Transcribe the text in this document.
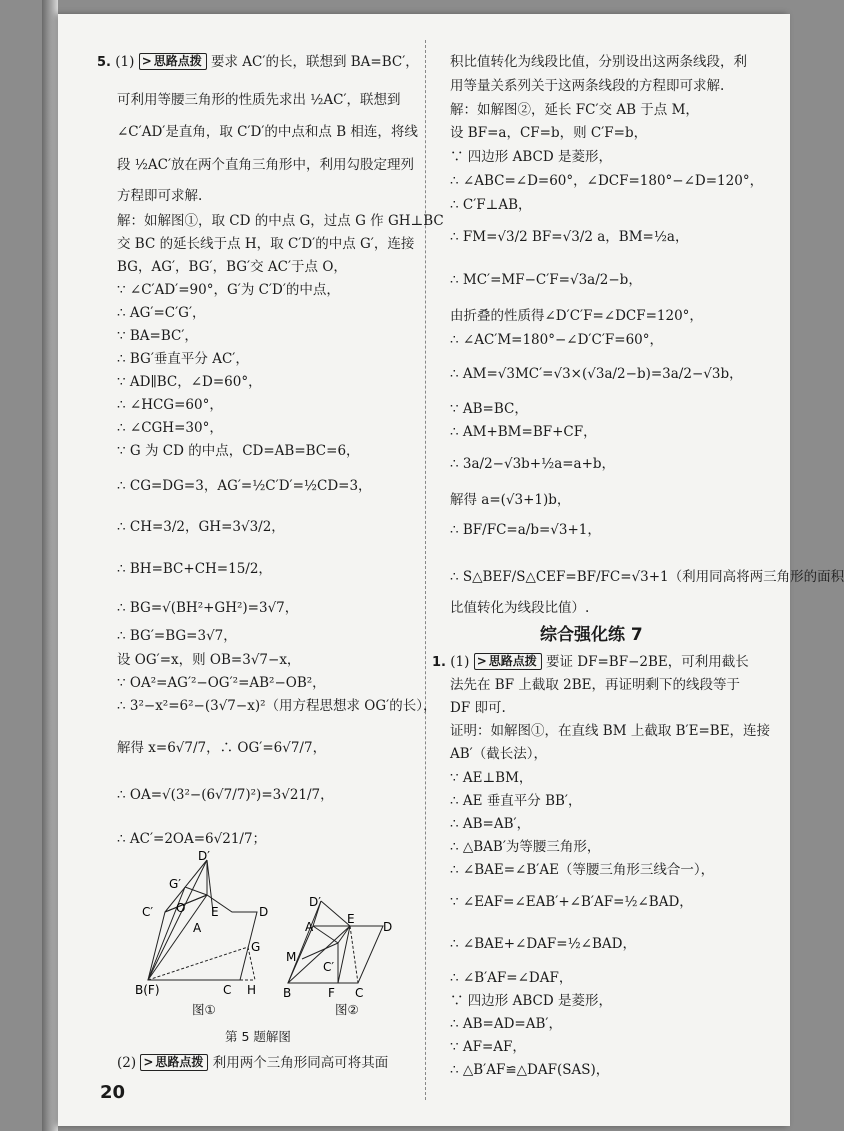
5. (1) > 思路点拨 要求 AC′的长，联想到 BA=BC′，
可利用等腰三角形的性质先求出 ½AC′，联想到
∠C′AD′是直角，取 C′D′的中点和点 B 相连，将线
段 ½AC′放在两个直角三角形中，利用勾股定理列
方程即可求解.
解：如解图①，取 CD 的中点 G，过点 G 作 GH⊥BC
交 BC 的延长线于点 H，取 C′D′的中点 G′，连接
BG，AG′，BG′，BG′交 AC′于点 O，
∵ ∠C′AD′=90°，G′为 C′D′的中点，
∴ AG′=C′G′，
∵ BA=BC′，
∴ BG′垂直平分 AC′，
∵ AD∥BC，∠D=60°，
∴ ∠HCG=60°，
∴ ∠CGH=30°，
∵ G 为 CD 的中点，CD=AB=BC=6，
∴ CG=DG=3，AG′=½C′D′=½CD=3，
∴ CH=3/2，GH=3√3/2，
∴ BH=BC+CH=15/2，
∴ BG=√(BH²+GH²)=3√7，
∴ BG′=BG=3√7，
设 OG′=x，则 OB=3√7−x，
∵ OA²=AG′²−OG′²=AB²−OB²，
∴ 3²−x²=6²−(3√7−x)²（用方程思想求 OG′的长），
解得 x=6√7/7，∴ OG′=6√7/7，
∴ OA=√(3²−(6√7/7)²)=3√21/7，
∴ AC′=2OA=6√21/7；
D′
G′
C′ O E	D
A
G
B(F)	C H
图①
D′
A
E
D
M
C′
B	F C
图②
第 5 题解图
(2) > 思路点拨 利用两个三角形同高可将其面
积比值转化为线段比值，分别设出这两条线段，利
用等量关系列关于这两条线段的方程即可求解.
解：如解图②，延长 FC′交 AB 于点 M，
设 BF=a，CF=b，则 C′F=b，
∵ 四边形 ABCD 是菱形，
∴ ∠ABC=∠D=60°，∠DCF=180°−∠D=120°，
∴ C′F⊥AB，
∴ FM=√3/2 BF=√3/2 a，BM=½a，
∴ MC′=MF−C′F=√3a/2−b，
由折叠的性质得∠D′C′F=∠DCF=120°，
∴ ∠AC′M=180°−∠D′C′F=60°，
∴ AM=√3MC′=√3×(√3a/2−b)=3a/2−√3b，
∵ AB=BC，
∴ AM+BM=BF+CF，
∴ 3a/2−√3b+½a=a+b，
解得 a=(√3+1)b，
∴ BF/FC=a/b=√3+1，
∴ S△BEF/S△CEF=BF/FC=√3+1（利用同高将两三角形的面积
比值转化为线段比值）.
综合强化练 7
1. (1) > 思路点拨 要证 DF=BF−2BE，可利用截长
法先在 BF 上截取 2BE，再证明剩下的线段等于
DF 即可.
证明：如解图①，在直线 BM 上截取 B′E=BE，连接
AB′（截长法），
∵ AE⊥BM，
∴ AE 垂直平分 BB′，
∴ AB=AB′，
∴ △BAB′为等腰三角形，
∴ ∠BAE=∠B′AE（等腰三角形三线合一），
∵ ∠EAF=∠EAB′+∠B′AF=½∠BAD，
∴ ∠BAE+∠DAF=½∠BAD，
∴ ∠B′AF=∠DAF，
∵ 四边形 ABCD 是菱形，
∴ AB=AD=AB′，
∵ AF=AF，
∴ △B′AF≌△DAF(SAS)，
20
